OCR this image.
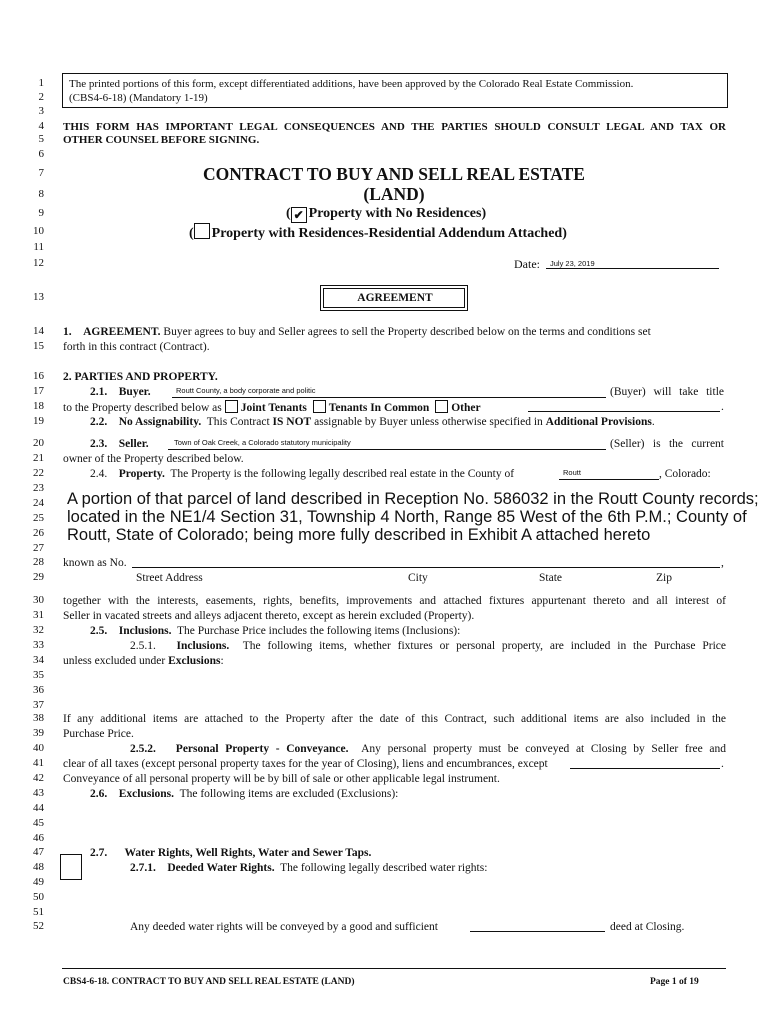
1
2
3
4
5
6
7
8
9
10
11
12
13
14
15
16
17
18
19
20
21
22
23
24
25
26
27
28
29
30
31
32
33
34
35
36
37
38
39
40
41
42
43
44
45
46
47
48
49
50
51
52
The printed portions of this form, except differentiated additions, have been approved by the Colorado Real Estate Commission.
(CBS4-6-18) (Mandatory 1-19)
THIS FORM HAS IMPORTANT LEGAL CONSEQUENCES AND THE PARTIES SHOULD CONSULT LEGAL AND TAX OR
OTHER COUNSEL BEFORE SIGNING.
CONTRACT TO BUY AND SELL REAL ESTATE
(LAND)
( ✔ Property with No Residences)
( Property with Residences-Residential Addendum Attached)
Date: July 23, 2019
AGREEMENT
1. AGREEMENT. Buyer agrees to buy and Seller agrees to sell the Property described below on the terms and conditions set
forth in this contract (Contract).
2. PARTIES AND PROPERTY.
2.1. Buyer.	Routt County, a body corporate and politic	(Buyer) will take title
to the Property described below as Joint Tenants Tenants In Common Other	.
2.2. No Assignability. This Contract IS NOT assignable by Buyer unless otherwise specified in Additional Provisions.
2.3. Seller.	Town of Oak Creek, a Colorado statutory municipality	(Seller) is the current
owner of the Property described below.
2.4. Property. The Property is the following legally described real estate in the County of	Routt	, Colorado:
A portion of that parcel of land described in Reception No. 586032 in the Routt County records;
located in the NE1/4 Section 31, Township 4 North, Range 85 West of the 6th P.M.; County of
Routt, State of Colorado; being more fully described in Exhibit A attached hereto
known as No.	,
Street Address	City	State	Zip
together with the interests, easements, rights, benefits, improvements and attached fixtures appurtenant thereto and all interest of
Seller in vacated streets and alleys adjacent thereto, except as herein excluded (Property).
2.5. Inclusions. The Purchase Price includes the following items (Inclusions):
2.5.1. Inclusions. The following items, whether fixtures or personal property, are included in the Purchase Price
unless excluded under Exclusions:
If any additional items are attached to the Property after the date of this Contract, such additional items are also included in the
Purchase Price.
2.5.2. Personal Property - Conveyance. Any personal property must be conveyed at Closing by Seller free and
clear of all taxes (except personal property taxes for the year of Closing), liens and encumbrances, except	.
Conveyance of all personal property will be by bill of sale or other applicable legal instrument.
2.6. Exclusions. The following items are excluded (Exclusions):
2.7. Water Rights, Well Rights, Water and Sewer Taps.
2.7.1. Deeded Water Rights. The following legally described water rights:
Any deeded water rights will be conveyed by a good and sufficient	deed at Closing.
CBS4-6-18. CONTRACT TO BUY AND SELL REAL ESTATE (LAND)	Page 1 of 19
